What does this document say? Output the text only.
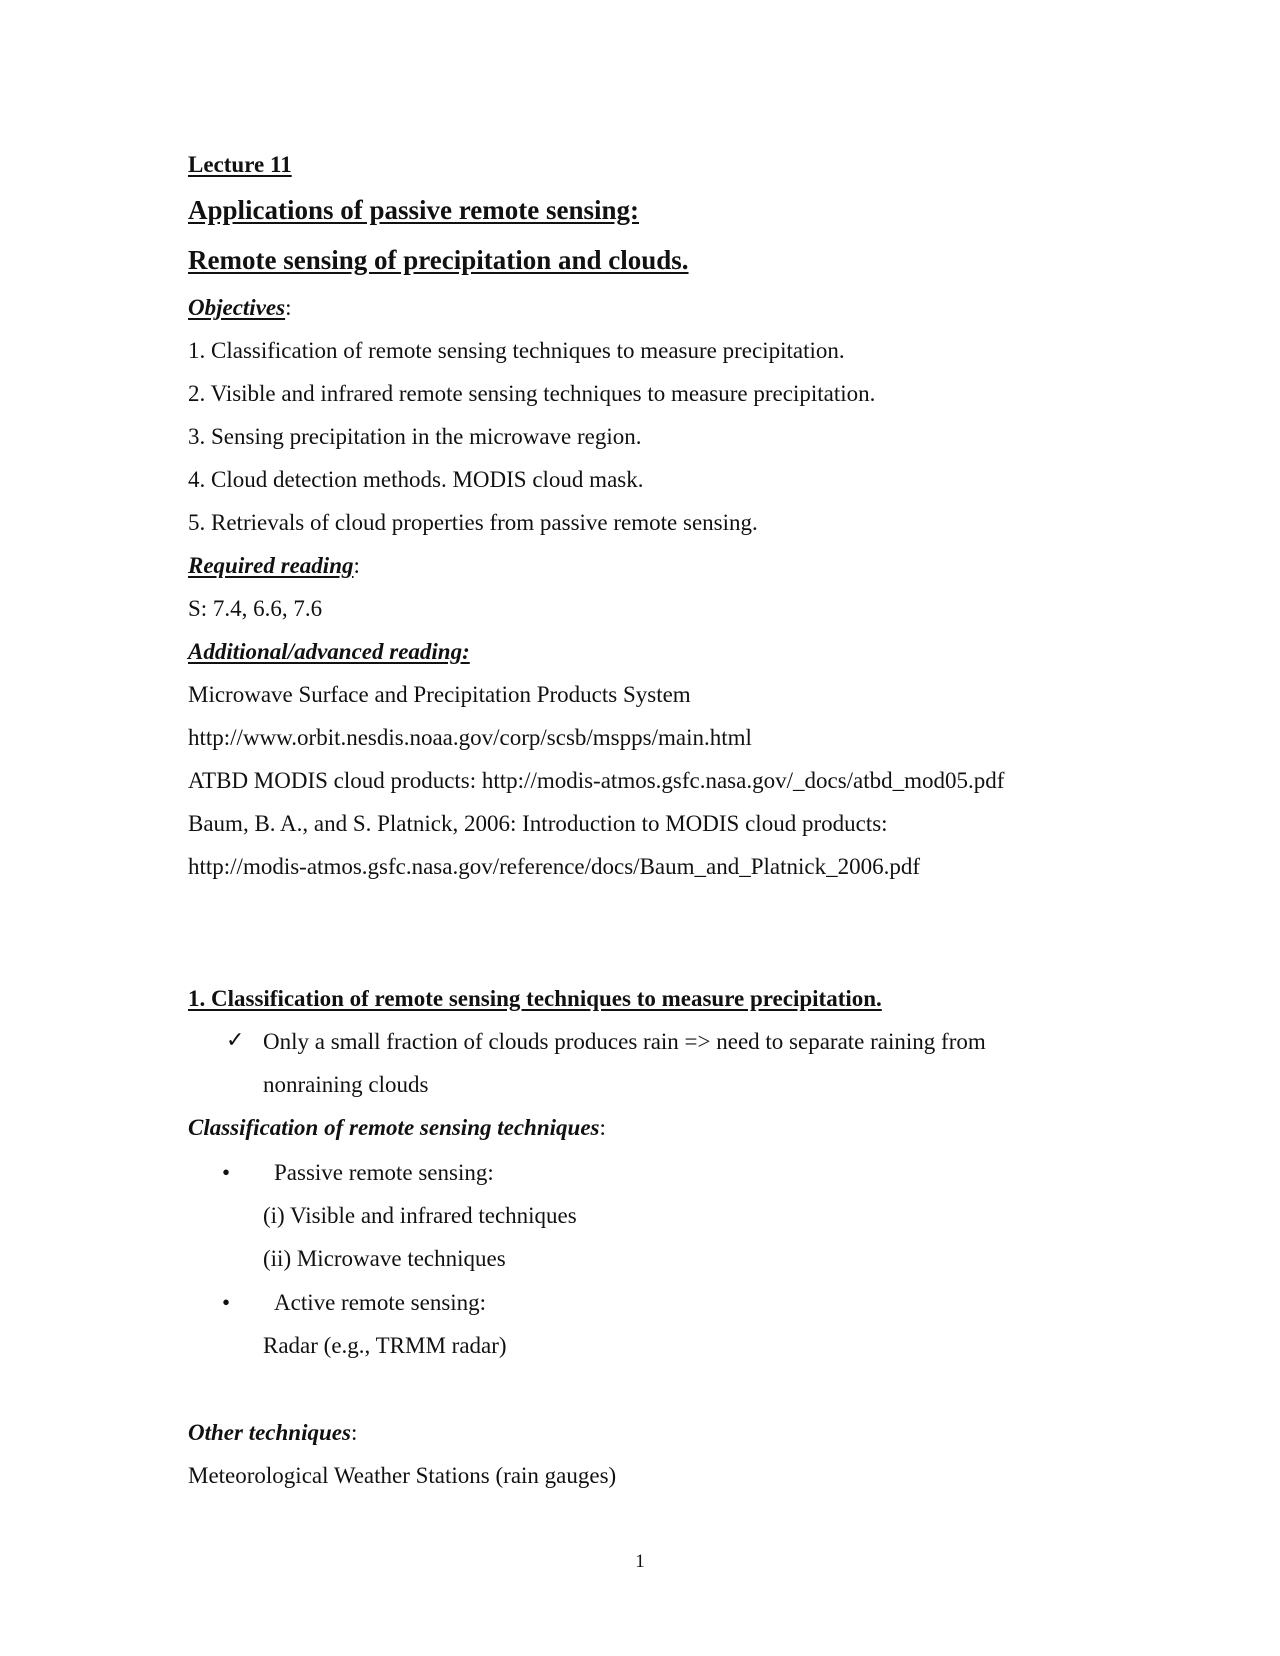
Lecture 11
Applications of passive remote sensing:
Remote sensing of precipitation and clouds.
Objectives:
1. Classification of remote sensing techniques to measure precipitation.
2. Visible and infrared remote sensing techniques to measure precipitation.
3. Sensing precipitation in the microwave region.
4. Cloud detection methods. MODIS cloud mask.
5. Retrievals of cloud properties from passive remote sensing.
Required reading:
S: 7.4, 6.6, 7.6
Additional/advanced reading:
Microwave Surface and Precipitation Products System
http://www.orbit.nesdis.noaa.gov/corp/scsb/mspps/main.html
ATBD MODIS cloud products: http://modis-atmos.gsfc.nasa.gov/_docs/atbd_mod05.pdf
Baum, B. A., and S. Platnick, 2006: Introduction to MODIS cloud products:
http://modis-atmos.gsfc.nasa.gov/reference/docs/Baum_and_Platnick_2006.pdf
1. Classification of remote sensing techniques to measure precipitation.
✓ Only a small fraction of clouds produces rain => need to separate raining from
nonraining clouds
Classification of remote sensing techniques:
• Passive remote sensing:
(i) Visible and infrared techniques
(ii) Microwave techniques
• Active remote sensing:
Radar (e.g., TRMM radar)
Other techniques:
Meteorological Weather Stations (rain gauges)
1
